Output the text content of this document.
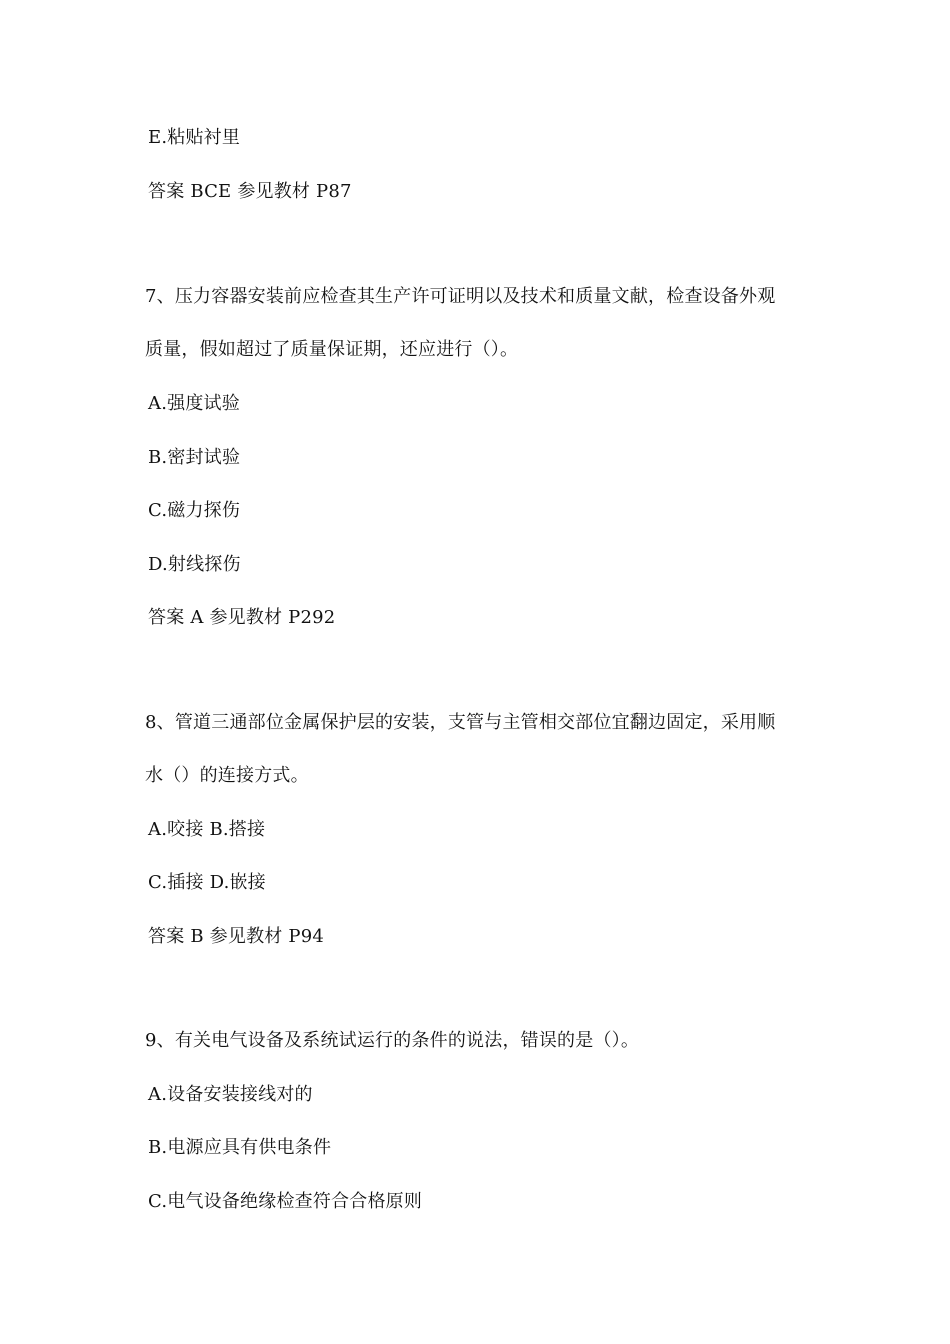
E.粘贴衬里
答案 BCE 参见教材 P87
7、压力容器安装前应检查其生产许可证明以及技术和质量文献，检查设备外观
质量，假如超过了质量保证期，还应进行（）。
A.强度试验
B.密封试验
C.磁力探伤
D.射线探伤
答案 A 参见教材 P292
8、管道三通部位金属保护层的安装，支管与主管相交部位宜翻边固定，采用顺
水（）的连接方式。
A.咬接 B.搭接
C.插接 D.嵌接
答案 B 参见教材 P94
9、有关电气设备及系统试运行的条件的说法，错误的是（）。
A.设备安装接线对的
B.电源应具有供电条件
C.电气设备绝缘检查符合合格原则
